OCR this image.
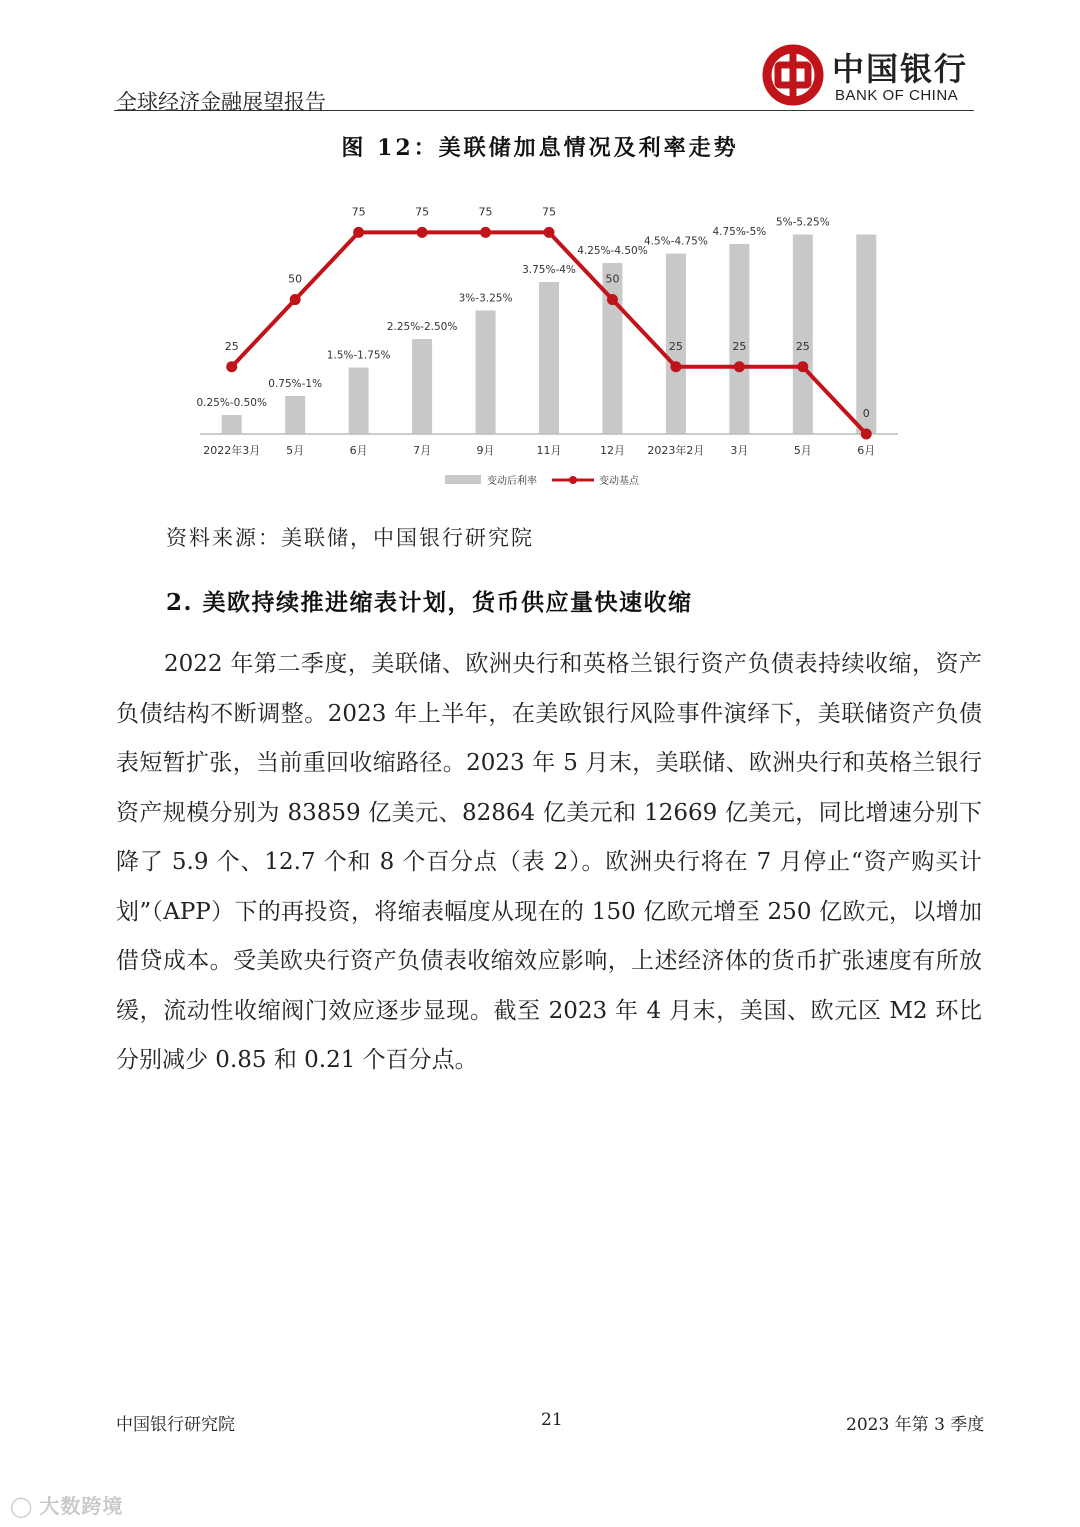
全球经济金融展望报告
中国银行
BANK OF CHINA
图 12：美联储加息情况及利率走势
0.25%-0.50%
0.75%-1%
1.5%-1.75%
2.25%-2.50%
3%-3.25%
3.75%-4%
4.25%-4.50%
4.5%-4.75%
4.75%-5%
5%-5.25%
25
50
75	75	75	75
50
25	25	25
0
2022年3月 5月	6月	7月	9月	11月	12月 2023年2月 3月	5月	6月
变动后利率	变动基点
资料来源：美联储，中国银行研究院
2. 美欧持续推进缩表计划，货币供应量快速收缩
2022 年第二季度，美联储、欧洲央行和英格兰银行资产负债表持续收缩，资产负债结构不断调整。2023 年上半年，在美欧银行风险事件演绎下，美联储资产负债表短暂扩张，当前重回收缩路径。2023 年 5 月末，美联储、欧洲央行和英格兰银行资产规模分别为 83859 亿美元、82864 亿美元和 12669 亿美元，同比增速分别下降了 5.9 个、12.7 个和 8 个百分点（表 2）。欧洲央行将在 7 月停止“资产购买计划”（APP）下的再投资，将缩表幅度从现在的 150 亿欧元增至 250 亿欧元，以增加借贷成本。受美欧央行资产负债表收缩效应影响，上述经济体的货币扩张速度有所放缓，流动性收缩阀门效应逐步显现。截至 2023 年 4 月末，美国、欧元区 M2 环比分别减少 0.85 和 0.21 个百分点。
中国银行研究院	21	2023 年第 3 季度
◯ 大数跨境
